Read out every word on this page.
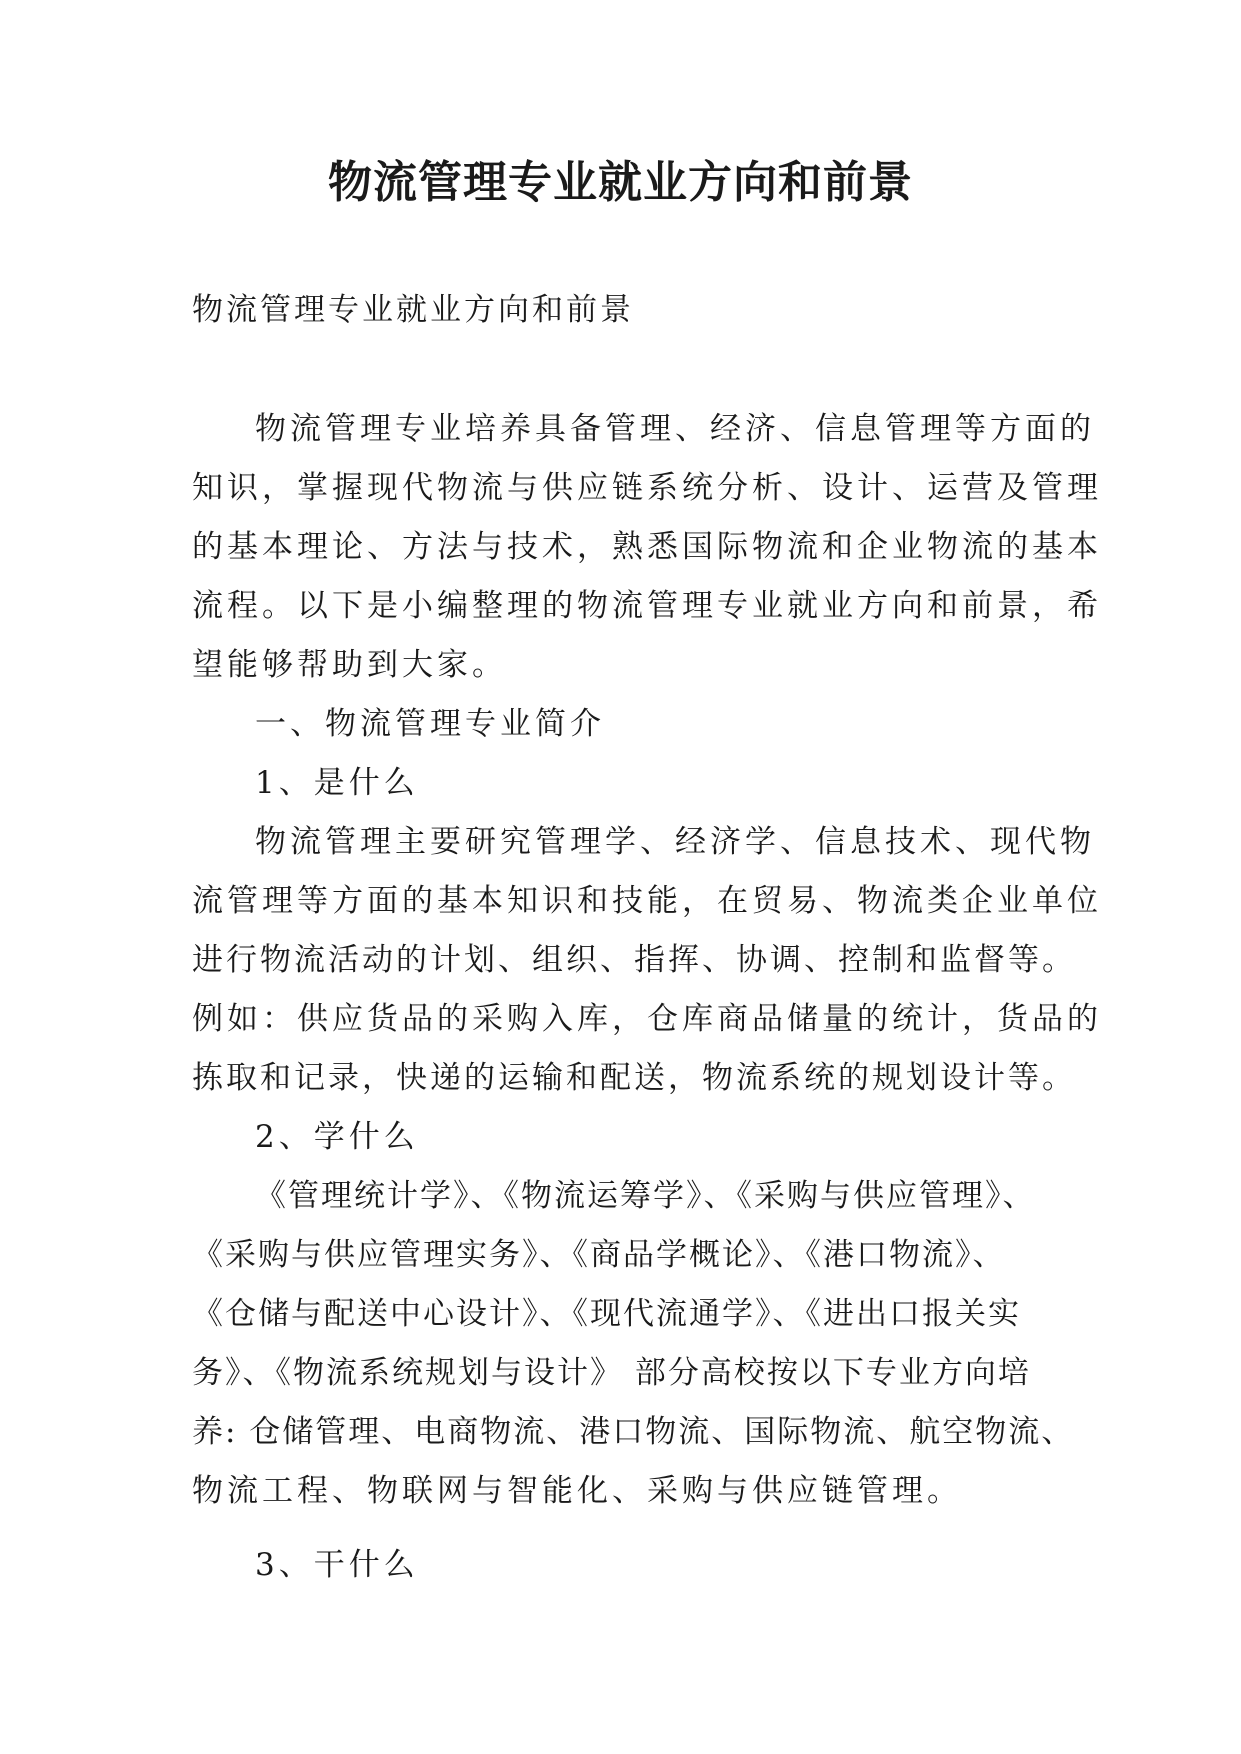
物流管理专业就业方向和前景

物流管理专业就业方向和前景

物流管理专业培养具备管理、经济、信息管理等方面的

知识，掌握现代物流与供应链系统分析、设计、运营及管理

的基本理论、方法与技术，熟悉国际物流和企业物流的基本

流程。以下是小编整理的物流管理专业就业方向和前景，希

望能够帮助到大家。

一、物流管理专业简介

1、是什么

物流管理主要研究管理学、经济学、信息技术、现代物

流管理等方面的基本知识和技能，在贸易、物流类企业单位

进行物流活动的计划、组织、指挥、协调、控制和监督等。

例如：供应货品的采购入库，仓库商品储量的统计，货品的

拣取和记录，快递的运输和配送，物流系统的规划设计等。

2、学什么

《管理统计学》、《物流运筹学》、《采购与供应管理》、

《采购与供应管理实务》、《商品学概论》、《港口物流》、

《仓储与配送中心设计》、《现代流通学》、《进出口报关实

务》、《物流系统规划与设计》 部分高校按以下专业方向培

养: 仓储管理、电商物流、港口物流、国际物流、航空物流、

物流工程、物联网与智能化、采购与供应链管理。

3、干什么
